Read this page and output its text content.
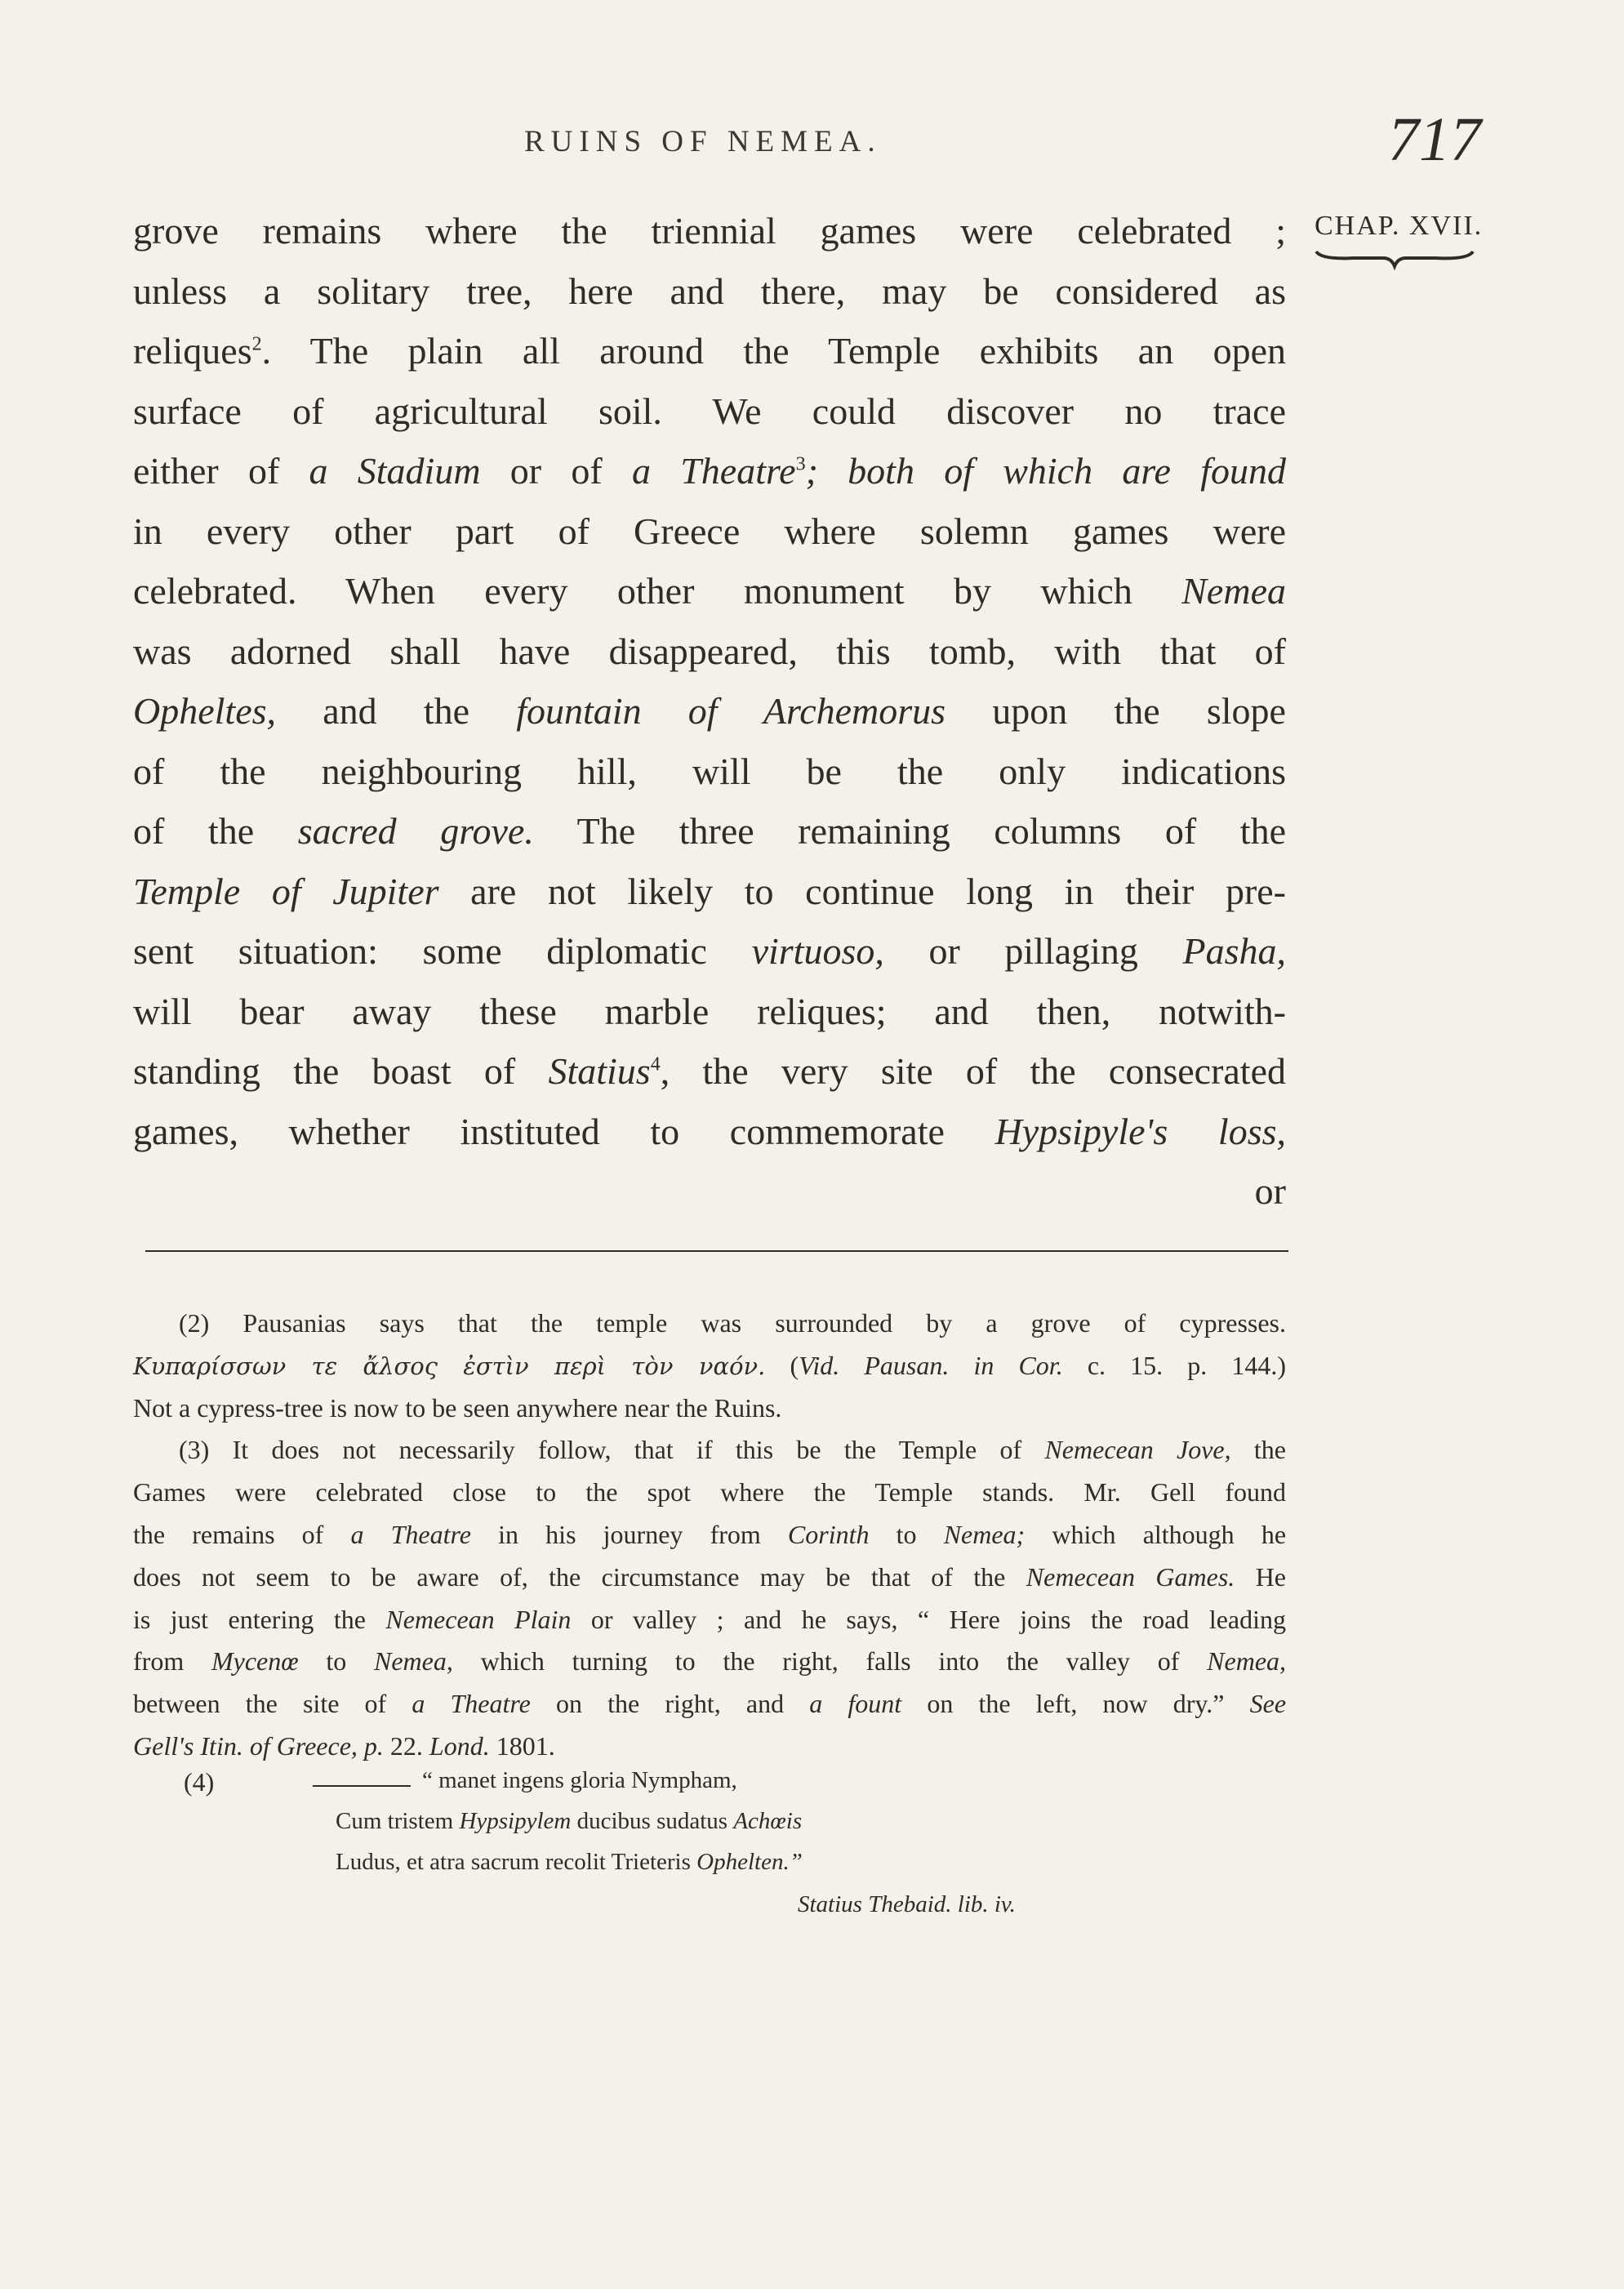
RUINS OF NEMEA.	717
CHAP. XVII.
grove remains where the triennial games were celebrated ;
unless a solitary tree, here and there, may be considered as
reliques$^2$. The plain all around the Temple exhibits an open
surface of agricultural soil. We could discover no trace
either of a Stadium or of a Theatre$^3$; both of which are found
in every other part of Greece where solemn games were
celebrated. When every other monument by which Nemea
was adorned shall have disappeared, this tomb, with that of
Opheltes, and the fountain of Archemorus upon the slope
of the neighbouring hill, will be the only indications
of the sacred grove. The three remaining columns of the
Temple of Jupiter are not likely to continue long in their pre-
sent situation: some diplomatic virtuoso, or pillaging Pasha,
will bear away these marble reliques; and then, notwith-
standing the boast of Statius$^4$, the very site of the consecrated
games, whether instituted to commemorate Hypsipyle's loss,
or
(2) Pausanias says that the temple was surrounded by a grove of cypresses.
Κυπαρίσσων τε ἄλσος ἐστὶν περὶ τὸν ναόν. (Vid. Pausan. in Cor. c. 15. p. 144.)
Not a cypress-tree is now to be seen anywhere near the Ruins.
(3) It does not necessarily follow, that if this be the Temple of Nemecean Jove, the
Games were celebrated close to the spot where the Temple stands. Mr. Gell found
the remains of a Theatre in his journey from Corinth to Nemea; which although he
does not seem to be aware of, the circumstance may be that of the Nemecean Games. He
is just entering the Nemecean Plain or valley ; and he says, “ Here joins the road leading
from Mycenœ to Nemea, which turning to the right, falls into the valley of Nemea,
between the site of a Theatre on the right, and a fount on the left, now dry.” See
Gell's Itin. of Greece, p. 22. Lond. 1801.
(4)	“ manet ingens gloria Nympham,
Cum tristem Hypsipylem ducibus sudatus Achœis
Ludus, et atra sacrum recolit Trieteris Ophelten.”
Statius Thebaid. lib. iv.
